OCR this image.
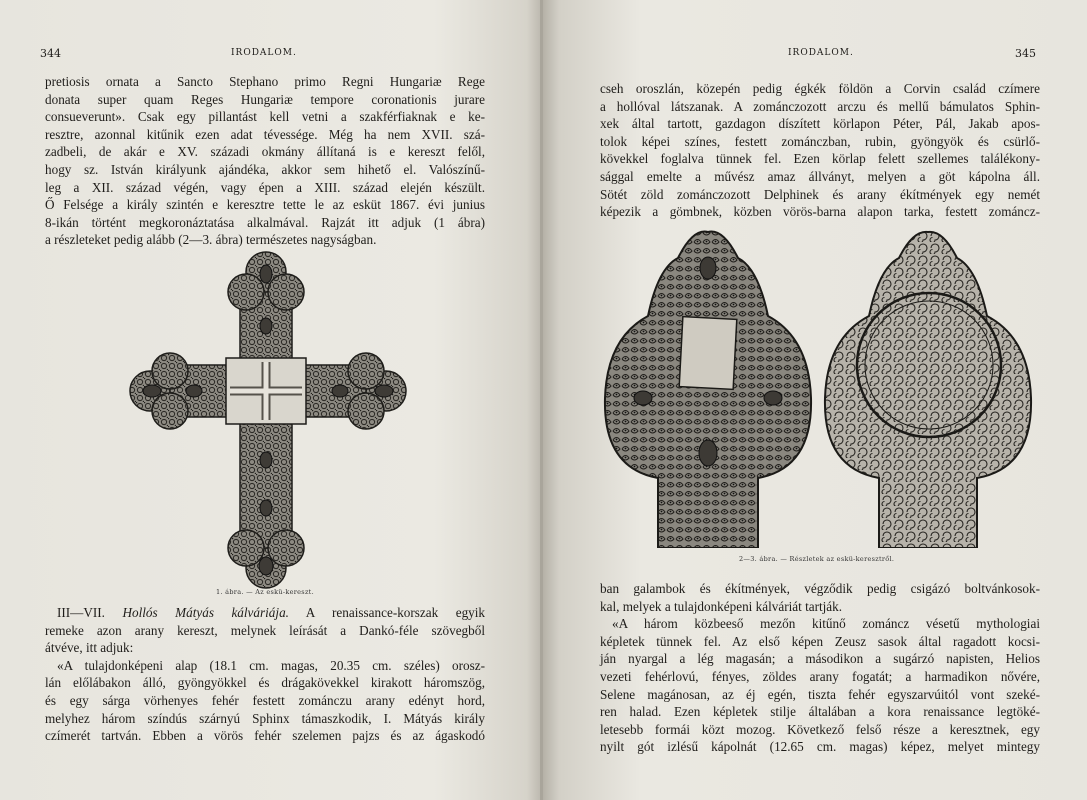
344	IRODALOM.
pretiosis ornata a Sancto Stephano primo Regni Hungariæ Rege
donata super quam Reges Hungariæ tempore coronationis jurare
consueverunt». Csak egy pillantást kell vetni a szakférfiaknak e ke-
resztre, azonnal kitűnik ezen adat tévessége. Még ha nem XVII. szá-
zadbeli, de akár e XV. századi okmány állítaná is e kereszt felől,
hogy sz. István királyunk ajándéka, akkor sem hihető el. Valószínű-
leg a XII. század végén, vagy épen a XIII. század elején készült.
Ő Felsége a király szintén e keresztre tette le az esküt 1867. évi junius
8-ikán történt megkoronáztatása alkalmával. Rajzát itt adjuk (1 ábra)
a részleteket pedig alább (2—3. ábra) természetes nagyságban.
1. ábra. — Az eskü-kereszt.
III—VII. Hollós Mátyás kálváriája. A renaissance-korszak egyik
remeke azon arany kereszt, melynek leírását a Dankó-féle szövegből
átvéve, itt adjuk:
«A tulajdonképeni alap (18.1 cm. magas, 20.35 cm. széles) orosz-
lán előlábakon álló, gyöngyökkel és drágakövekkel kirakott háromszög,
és egy sárga vörhenyes fehér festett zománczu arany edényt hord,
melyhez három színdús szárnyú Sphinx támaszkodik, I. Mátyás király
czímerét tartván. Ebben a vörös fehér szelemen pajzs és az ágaskodó
IRODALOM.	345
cseh oroszlán, közepén pedig égkék földön a Corvin család czímere
a hollóval látszanak. A zománczozott arczu és mellű bámulatos Sphin-
xek által tartott, gazdagon díszített körlapon Péter, Pál, Jakab apos-
tolok képei színes, festett zománczban, rubin, gyöngyök és csürlő-
kövekkel foglalva tünnek fel. Ezen körlap felett szellemes találékony-
sággal emelte a művész amaz állványt, melyen a göt kápolna áll.
Sötét zöld zománczozott Delphinek és arany ékítmények egy nemét
képezik a gömbnek, közben vörös-barna alapon tarka, festett zománcz-
2—3. ábra. — Részletek az eskü-keresztről.
ban galambok és ékítmények, végződik pedig csigázó boltvánkosok-
kal, melyek a tulajdonképeni kálváriát tartják.
«A három közbeeső mezőn kitűnő zománcz vésetű mythologiai
képletek tünnek fel. Az első képen Zeusz sasok által ragadott kocsi-
ján nyargal a lég magasán; a másodikon a sugárzó napisten, Helios
vezeti fehérlovú, fényes, zöldes arany fogatát; a harmadikon nővére,
Selene magánosan, az éj egén, tiszta fehér egyszarvúitól vont szeké-
ren halad. Ezen képletek stilje általában a kora renaissance legtöké-
letesebb formái közt mozog. Következő felső része a keresztnek, egy
nyilt gót izlésű kápolnát (12.65 cm. magas) képez, melyet mintegy
